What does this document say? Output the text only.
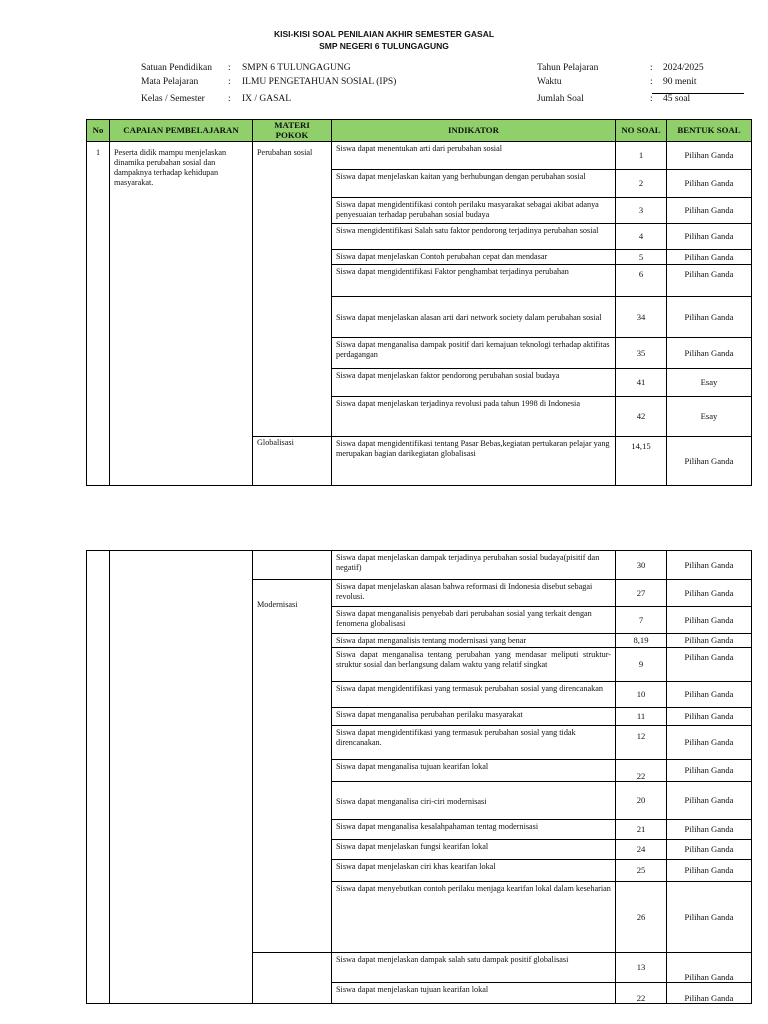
KISI-KISI SOAL PENILAIAN AKHIR SEMESTER GASAL
SMP NEGERI 6 TULUNGAGUNG
Satuan Pendidikan : SMPN 6 TULUNGAGUNG
Mata Pelajaran	: ILMU PENGETAHUAN SOSIAL (IPS)
Kelas / Semester : IX / GASAL
Tahun Pelajaran	: 2024/2025
Waktu	: 90 menit
Jumlah Soal	: 45 soal
No	CAPAIAN PEMBELAJARAN	MATERI POKOK	INDIKATOR	NO SOAL	BENTUK SOAL
1	Peserta didik mampu menjelaskan dinamika perubahan sosial dan dampaknya terhadap kehidupan masyarakat.	Perubahan sosial	Siswa dapat menentukan arti dari perubahan sosial	1	Pilihan Ganda
			Siswa dapat menjelaskan kaitan yang berhubungan dengan perubahan sosial	2	Pilihan Ganda
			Siswa dapat mengidentifikasi contoh perilaku masyarakat sebagai akibat adanya penyesuaian terhadap perubahan sosial budaya	3	Pilihan Ganda
			Siswa mengidentifikasi Salah satu faktor pendorong terjadinya perubahan sosial	4	Pilihan Ganda
			Siswa dapat menjelaskan Contoh perubahan cepat dan mendasar	5	Pilihan Ganda
			Siswa dapat mengidentifikasi Faktor penghambat terjadinya perubahan	6	Pilihan Ganda
			Siswa dapat menjelaskan alasan arti dari network society dalam perubahan sosial	34	Pilihan Ganda
			Siswa dapat menganalisa dampak positif dari kemajuan teknologi terhadap aktifitas perdagangan	35	Pilihan Ganda
			Siswa dapat menjelaskan faktor pendorong perubahan sosial budaya	41	Esay
			Siswa dapat menjelaskan terjadinya revolusi pada tahun 1998 di Indonesia	42	Esay
		Globalisasi	Siswa dapat mengidentifikasi tentang Pasar Bebas,kegiatan pertukaran pelajar yang merupakan bagian darikegiatan globalisasi	14,15	Pilihan Ganda
			Siswa dapat menjelaskan dampak terjadinya perubahan sosial budaya(pisitif dan negatif)	30	Pilihan Ganda
		Modernisasi	Siswa dapat menjelaskan alasan bahwa reformasi di Indonesia disebut sebagai revolusi.	27	Pilihan Ganda
			Siswa dapat menganalisis penyebab dari perubahan sosial yang terkait dengan fenomena globalisasi	7	Pilihan Ganda
			Siswa dapat menganalisis tentang modernisasi yang benar	8,19	Pilihan Ganda
			Siswa dapat menganalisa tentang perubahan yang mendasar meliputi struktur-struktur sosial dan berlangsung dalam waktu yang relatif singkat	9	Pilihan Ganda
			Siswa dapat mengidentifikasi yang termasuk perubahan sosial yang direncanakan	10	Pilihan Ganda
			Siswa dapat menganalisa perubahan perilaku masyarakat	11	Pilihan Ganda
			Siswa dapat mengidentifikasi yang termasuk perubahan sosial yang tidak direncanakan.	12	Pilihan Ganda
			Siswa dapat menganalisa tujuan kearifan lokal	22	Pilihan Ganda
			Siswa dapat menganalisa ciri-ciri modernisasi	20	Pilihan Ganda
			Siswa dapat menganalisa kesalahpahaman tentag modernisasi	21	Pilihan Ganda
			Siswa dapat menjelaskan fungsi kearifan lokal	24	Pilihan Ganda
			Siswa dapat menjelaskan ciri khas kearifan lokal	25	Pilihan Ganda
			Siswa dapat menyebutkan contoh perilaku menjaga kearifan lokal dalam keseharian	26	Pilihan Ganda
			Siswa dapat menjelaskan dampak salah satu dampak positif globalisasi	13	Pilihan Ganda
			Siswa dapat menjelaskan tujuan kearifan lokal	22	Pilihan Ganda
